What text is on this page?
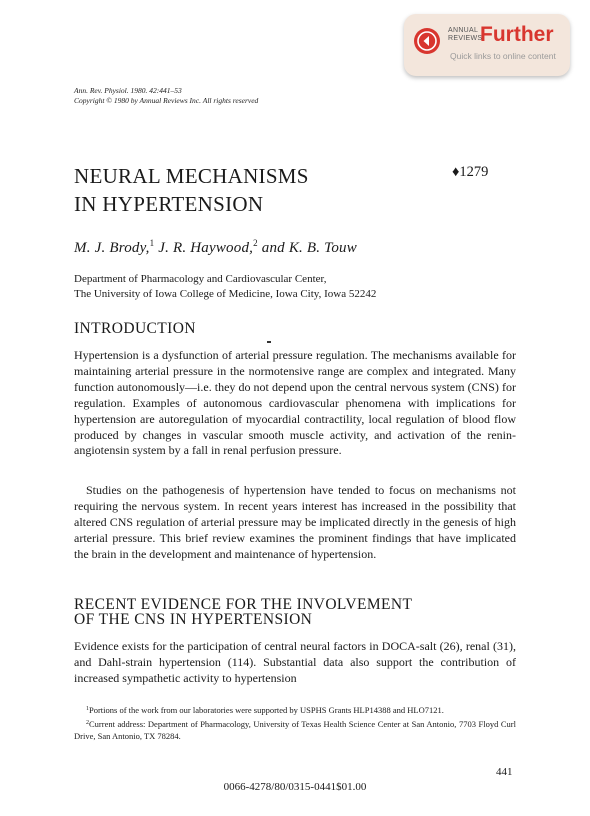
ANNUAL
REVIEWS
Further
Quick links to online content
Ann. Rev. Physiol. 1980. 42:441–53
Copyright © 1980 by Annual Reviews Inc. All rights reserved
NEURAL MECHANISMS
IN HYPERTENSION
♦1279
M. J. Brody,$^1$ J. R. Haywood,$^2$ and K. B. Touw
Department of Pharmacology and Cardiovascular Center,
The University of Iowa College of Medicine, Iowa City, Iowa 52242
INTRODUCTION

Hypertension is a dysfunction of arterial pressure regulation. The mechanisms available for maintaining arterial pressure in the normotensive range are complex and integrated. Many function autonomously—i.e. they do not depend upon the central nervous system (CNS) for regulation. Examples of autonomous cardiovascular phenomena with implications for hypertension are autoregulation of myocardial contractility, local regulation of blood flow produced by changes in vascular smooth muscle activity, and activation of the renin-angiotensin system by a fall in renal perfusion pressure.

Studies on the pathogenesis of hypertension have tended to focus on mechanisms not requiring the nervous system. In recent years interest has increased in the possibility that altered CNS regulation of arterial pressure may be implicated directly in the genesis of high arterial pressure. This brief review examines the prominent findings that have implicated the brain in the development and maintenance of hypertension.

RECENT EVIDENCE FOR THE INVOLVEMENT
OF THE CNS IN HYPERTENSION

Evidence exists for the participation of central neural factors in DOCA-salt (26), renal (31), and Dahl-strain hypertension (114). Substantial data also support the contribution of increased sympathetic activity to hypertension

$^1$Portions of the work from our laboratories were supported by USPHS Grants HLP14388 and HLO7121.

$^2$Current address: Department of Pharmacology, University of Texas Health Science Center at San Antonio, 7703 Floyd Curl Drive, San Antonio, TX 78284.

441
0066-4278/80/0315-0441$01.00
